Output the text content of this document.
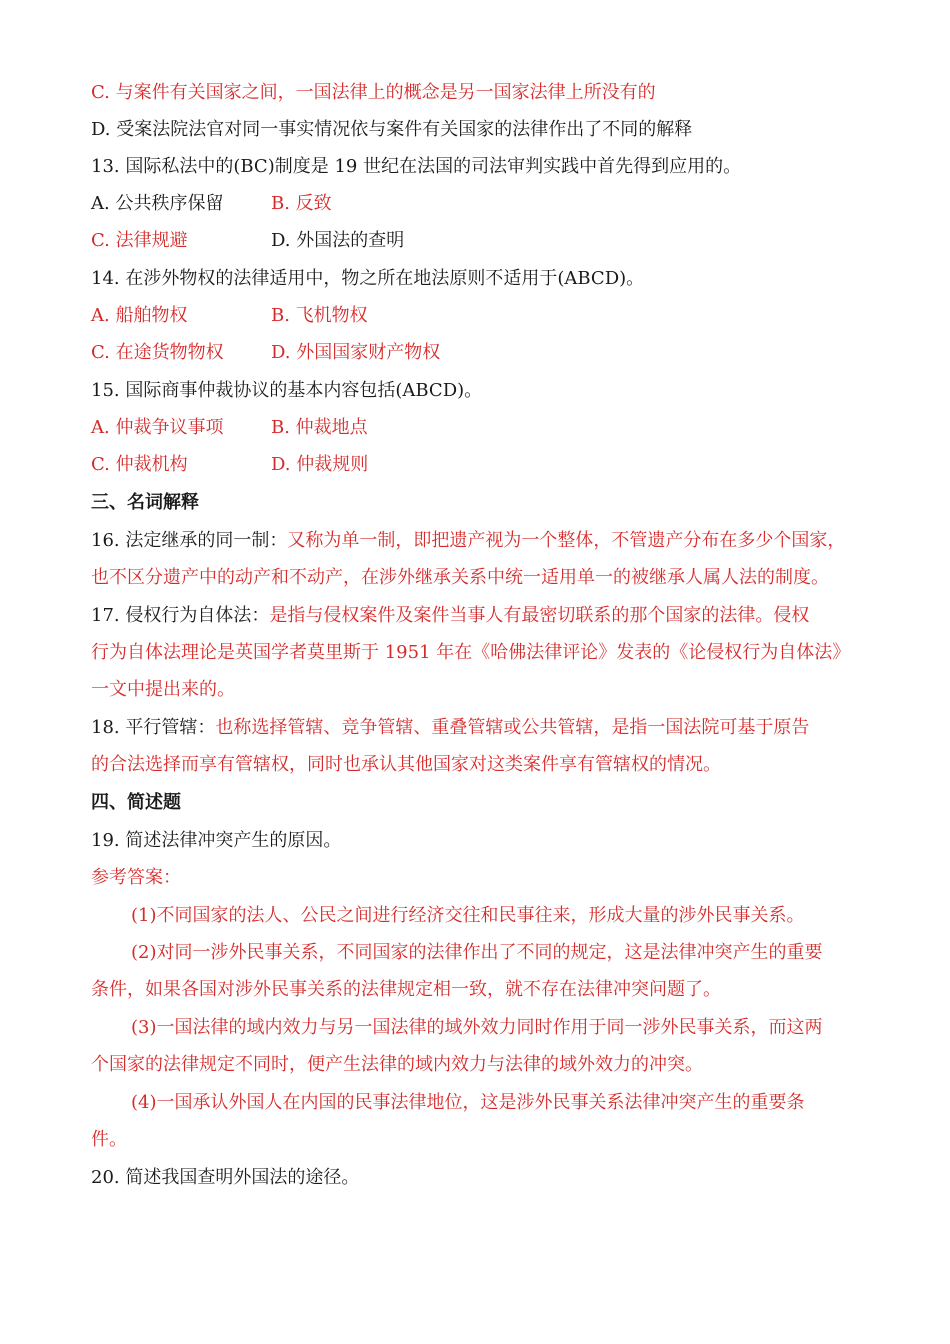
C. 与案件有关国家之间，一国法律上的概念是另一国家法律上所没有的
D. 受案法院法官对同一事实情况依与案件有关国家的法律作出了不同的解释
13. 国际私法中的(BC)制度是 19 世纪在法国的司法审判实践中首先得到应用的。
A. 公共秩序保留	B. 反致
C. 法律规避	D. 外国法的查明
14. 在涉外物权的法律适用中，物之所在地法原则不适用于(ABCD)。
A. 船舶物权	B. 飞机物权
C. 在途货物物权	D. 外国国家财产物权
15. 国际商事仲裁协议的基本内容包括(ABCD)。
A. 仲裁争议事项	B. 仲裁地点
C. 仲裁机构	D. 仲裁规则
三、名词解释
16. 法定继承的同一制：又称为单一制，即把遗产视为一个整体，不管遗产分布在多少个国家，
也不区分遗产中的动产和不动产，在涉外继承关系中统一适用单一的被继承人属人法的制度。
17. 侵权行为自体法：是指与侵权案件及案件当事人有最密切联系的那个国家的法律。侵权
行为自体法理论是英国学者莫里斯于 1951 年在《哈佛法律评论》发表的《论侵权行为自体法》
一文中提出来的。
18. 平行管辖：也称选择管辖、竞争管辖、重叠管辖或公共管辖，是指一国法院可基于原告
的合法选择而享有管辖权，同时也承认其他国家对这类案件享有管辖权的情况。
四、简述题
19. 简述法律冲突产生的原因。
参考答案：
(1)不同国家的法人、公民之间进行经济交往和民事往来，形成大量的涉外民事关系。
(2)对同一涉外民事关系，不同国家的法律作出了不同的规定，这是法律冲突产生的重要
条件，如果各国对涉外民事关系的法律规定相一致，就不存在法律冲突问题了。
(3)一国法律的域内效力与另一国法律的域外效力同时作用于同一涉外民事关系，而这两
个国家的法律规定不同时，便产生法律的域内效力与法律的域外效力的冲突。
(4)一国承认外国人在内国的民事法律地位，这是涉外民事关系法律冲突产生的重要条
件。
20. 简述我国查明外国法的途径。
